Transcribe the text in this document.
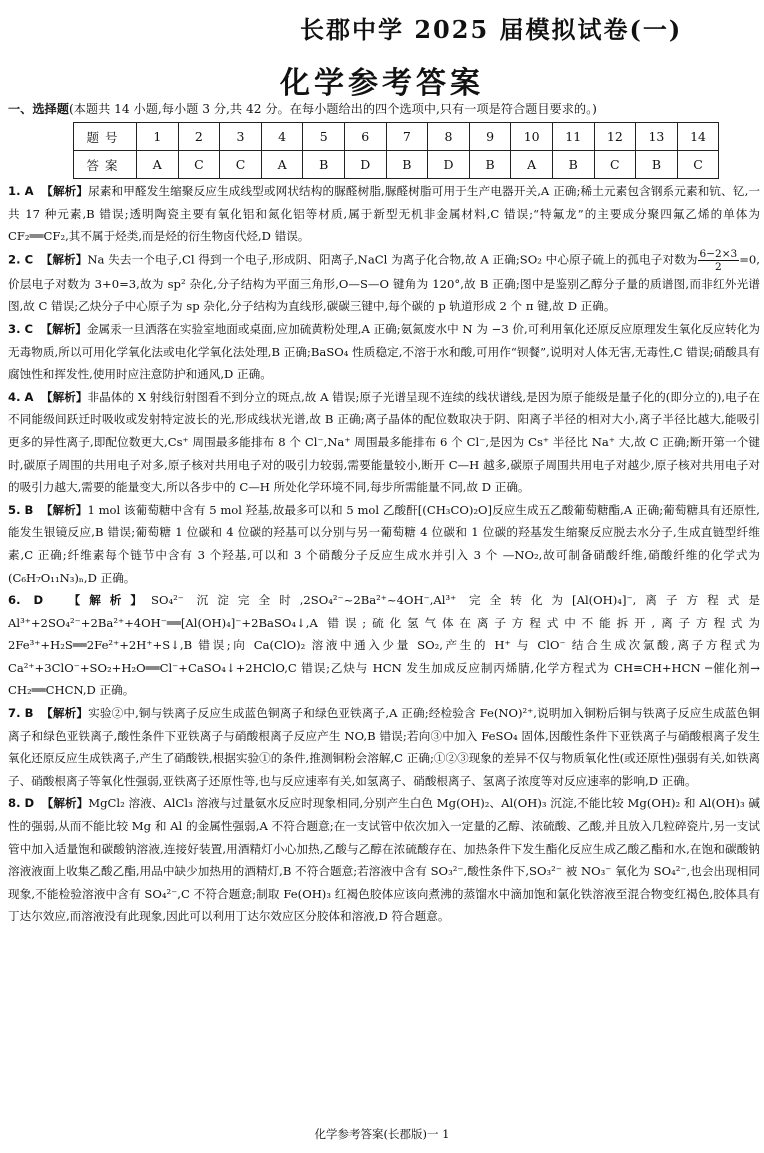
长郡中学 2025 届模拟试卷(一)
化学参考答案
一、选择题(本题共 14 小题,每小题 3 分,共 42 分。在每小题给出的四个选项中,只有一项是符合题目要求的。)
题号	1	2	3	4	5	6	7	8	9	10	11	12	13	14
答案	A	C	C	A	B	D	B	D	B	A	B	C	B	C

1. A 【解析】尿素和甲醛发生缩聚反应生成线型或网状结构的脲醛树脂,脲醛树脂可用于生产电器开关,A 正确;稀土元素包含钢系元素和钪、钇,一共 17 种元素,B 错误;透明陶瓷主要有氧化铝和氮化铝等材质,属于新型无机非金属材料,C 错误;“特氟龙”的主要成分聚四氟乙烯的单体为 CF₂══CF₂,其不属于烃类,而是烃的衍生物卤代烃,D 错误。

2. C 【解析】Na 失去一个电子,Cl 得到一个电子,形成阴、阳离子,NaCl 为离子化合物,故 A 正确;SO₂ 中心原子硫上的孤电子对数为 $\frac{6-2\times 3}{2} =0$,价层电子对数为 3+0=3,故为 sp² 杂化,分子结构为平面三角形,O—S—O 键角为 120°,故 B 正确;图中是鉴别乙醇分子量的质谱图,而非红外光谱图,故 C 错误;乙炔分子中心原子为 sp 杂化,分子结构为直线形,碳碳三键中,每个碳的 p 轨道形成 2 个 π 键,故 D 正确。

3. C 【解析】金属汞一旦洒落在实验室地面或桌面,应加硫黄粉处理,A 正确;氨氮废水中 N 为 −3 价,可利用氧化还原反应原理发生氧化反应转化为无毒物质,所以可用化学氧化法或电化学氧化法处理,B 正确;BaSO₄ 性质稳定,不溶于水和酸,可用作“钡餐”,说明对人体无害,无毒性,C 错误;硝酸具有腐蚀性和挥发性,使用时应注意防护和通风,D 正确。

4. A 【解析】非晶体的 X 射线衍射图看不到分立的斑点,故 A 错误;原子光谱呈现不连续的线状谱线,是因为原子能级是量子化的(即分立的),电子在不同能级间跃迁时吸收或发射特定波长的光,形成线状光谱,故 B 正确;离子晶体的配位数取决于阴、阳离子半径的相对大小,离子半径比越大,能吸引更多的异性离子,即配位数更大,Cs⁺ 周围最多能排布 8 个 Cl⁻,Na⁺ 周围最多能排布 6 个 Cl⁻,是因为 Cs⁺ 半径比 Na⁺ 大,故 C 正确;断开第一个键时,碳原子周围的共用电子对多,原子核对共用电子对的吸引力较弱,需要能量较小,断开 C—H 越多,碳原子周围共用电子对越少,原子核对共用电子对的吸引力越大,需要的能量变大,所以各步中的 C—H 所处化学环境不同,每步所需能量不同,故 D 正确。

5. B 【解析】1 mol 该葡萄糖中含有 5 mol 羟基,故最多可以和 5 mol 乙酸酐[(CH₃CO)₂O]反应生成五乙酸葡萄糖酯,A 正确;葡萄糖具有还原性,能发生银镜反应,B 错误;葡萄糖 1 位碳和 4 位碳的羟基可以分别与另一葡萄糖 4 位碳和 1 位碳的羟基发生缩聚反应脱去水分子,生成直链型纤维素,C 正确;纤维素每个链节中含有 3 个羟基,可以和 3 个硝酸分子反应生成水并引入 3 个 —NO₂,故可制备硝酸纤维,硝酸纤维的化学式为(C₆H₇O₁₁N₃)ₙ,D 正确。

6. D 【解析】SO₄²⁻ 沉淀完全时,2SO₄²⁻~2Ba²⁺~4OH⁻,Al³⁺ 完全转化为[Al(OH)₄]⁻,离子方程式是 Al³⁺+2SO₄²⁻+2Ba²⁺+4OH⁻══[Al(OH)₄]⁻+2BaSO₄↓,A 错误;硫化氢气体在离子方程式中不能拆开,离子方程式为 2Fe³⁺+H₂S══2Fe²⁺+2H⁺+S↓,B 错误;向 Ca(ClO)₂ 溶液中通入少量 SO₂,产生的 H⁺ 与 ClO⁻ 结合生成次氯酸,离子方程式为 Ca²⁺+3ClO⁻+SO₂+H₂O══Cl⁻+CaSO₄↓+2HClO,C 错误;乙炔与 HCN 发生加成反应制丙烯腈,化学方程式为 CH≡CH+HCN ─催化剂→ CH₂══CHCN,D 正确。

7. B 【解析】实验②中,铜与铁离子反应生成蓝色铜离子和绿色亚铁离子,A 正确;经检验含 Fe(NO)²⁺,说明加入铜粉后铜与铁离子反应生成蓝色铜离子和绿色亚铁离子,酸性条件下亚铁离子与硝酸根离子反应产生 NO,B 错误;若向③中加入 FeSO₄ 固体,因酸性条件下亚铁离子与硝酸根离子发生氧化还原反应生成铁离子,产生了硝酸铁,根据实验①的条件,推测铜粉会溶解,C 正确;①②③现象的差异不仅与物质氧化性(或还原性)强弱有关,如铁离子、硝酸根离子等氧化性强弱,亚铁离子还原性等,也与反应速率有关,如氢离子、硝酸根离子、氢离子浓度等对反应速率的影响,D 正确。

8. D 【解析】MgCl₂ 溶液、AlCl₃ 溶液与过量氨水反应时现象相同,分别产生白色 Mg(OH)₂、Al(OH)₃ 沉淀,不能比较 Mg(OH)₂ 和 Al(OH)₃ 碱性的强弱,从而不能比较 Mg 和 Al 的金属性强弱,A 不符合题意;在一支试管中依次加入一定量的乙醇、浓硫酸、乙酸,并且放入几粒碎瓷片,另一支试管中加入适量饱和碳酸钠溶液,连接好装置,用酒精灯小心加热,乙酸与乙醇在浓硫酸存在、加热条件下发生酯化反应生成乙酸乙酯和水,在饱和碳酸钠溶液液面上收集乙酸乙酯,用品中缺少加热用的酒精灯,B 不符合题意;若溶液中含有 SO₃²⁻,酸性条件下,SO₃²⁻ 被 NO₃⁻ 氧化为 SO₄²⁻,也会出现相同现象,不能检验溶液中含有 SO₄²⁻,C 不符合题意;制取 Fe(OH)₃ 红褐色胶体应该向煮沸的蒸馏水中滴加饱和氯化铁溶液至混合物变红褐色,胶体具有丁达尔效应,而溶液没有此现象,因此可以利用丁达尔效应区分胶体和溶液,D 符合题意。

化学参考答案(长郡版)一 1
